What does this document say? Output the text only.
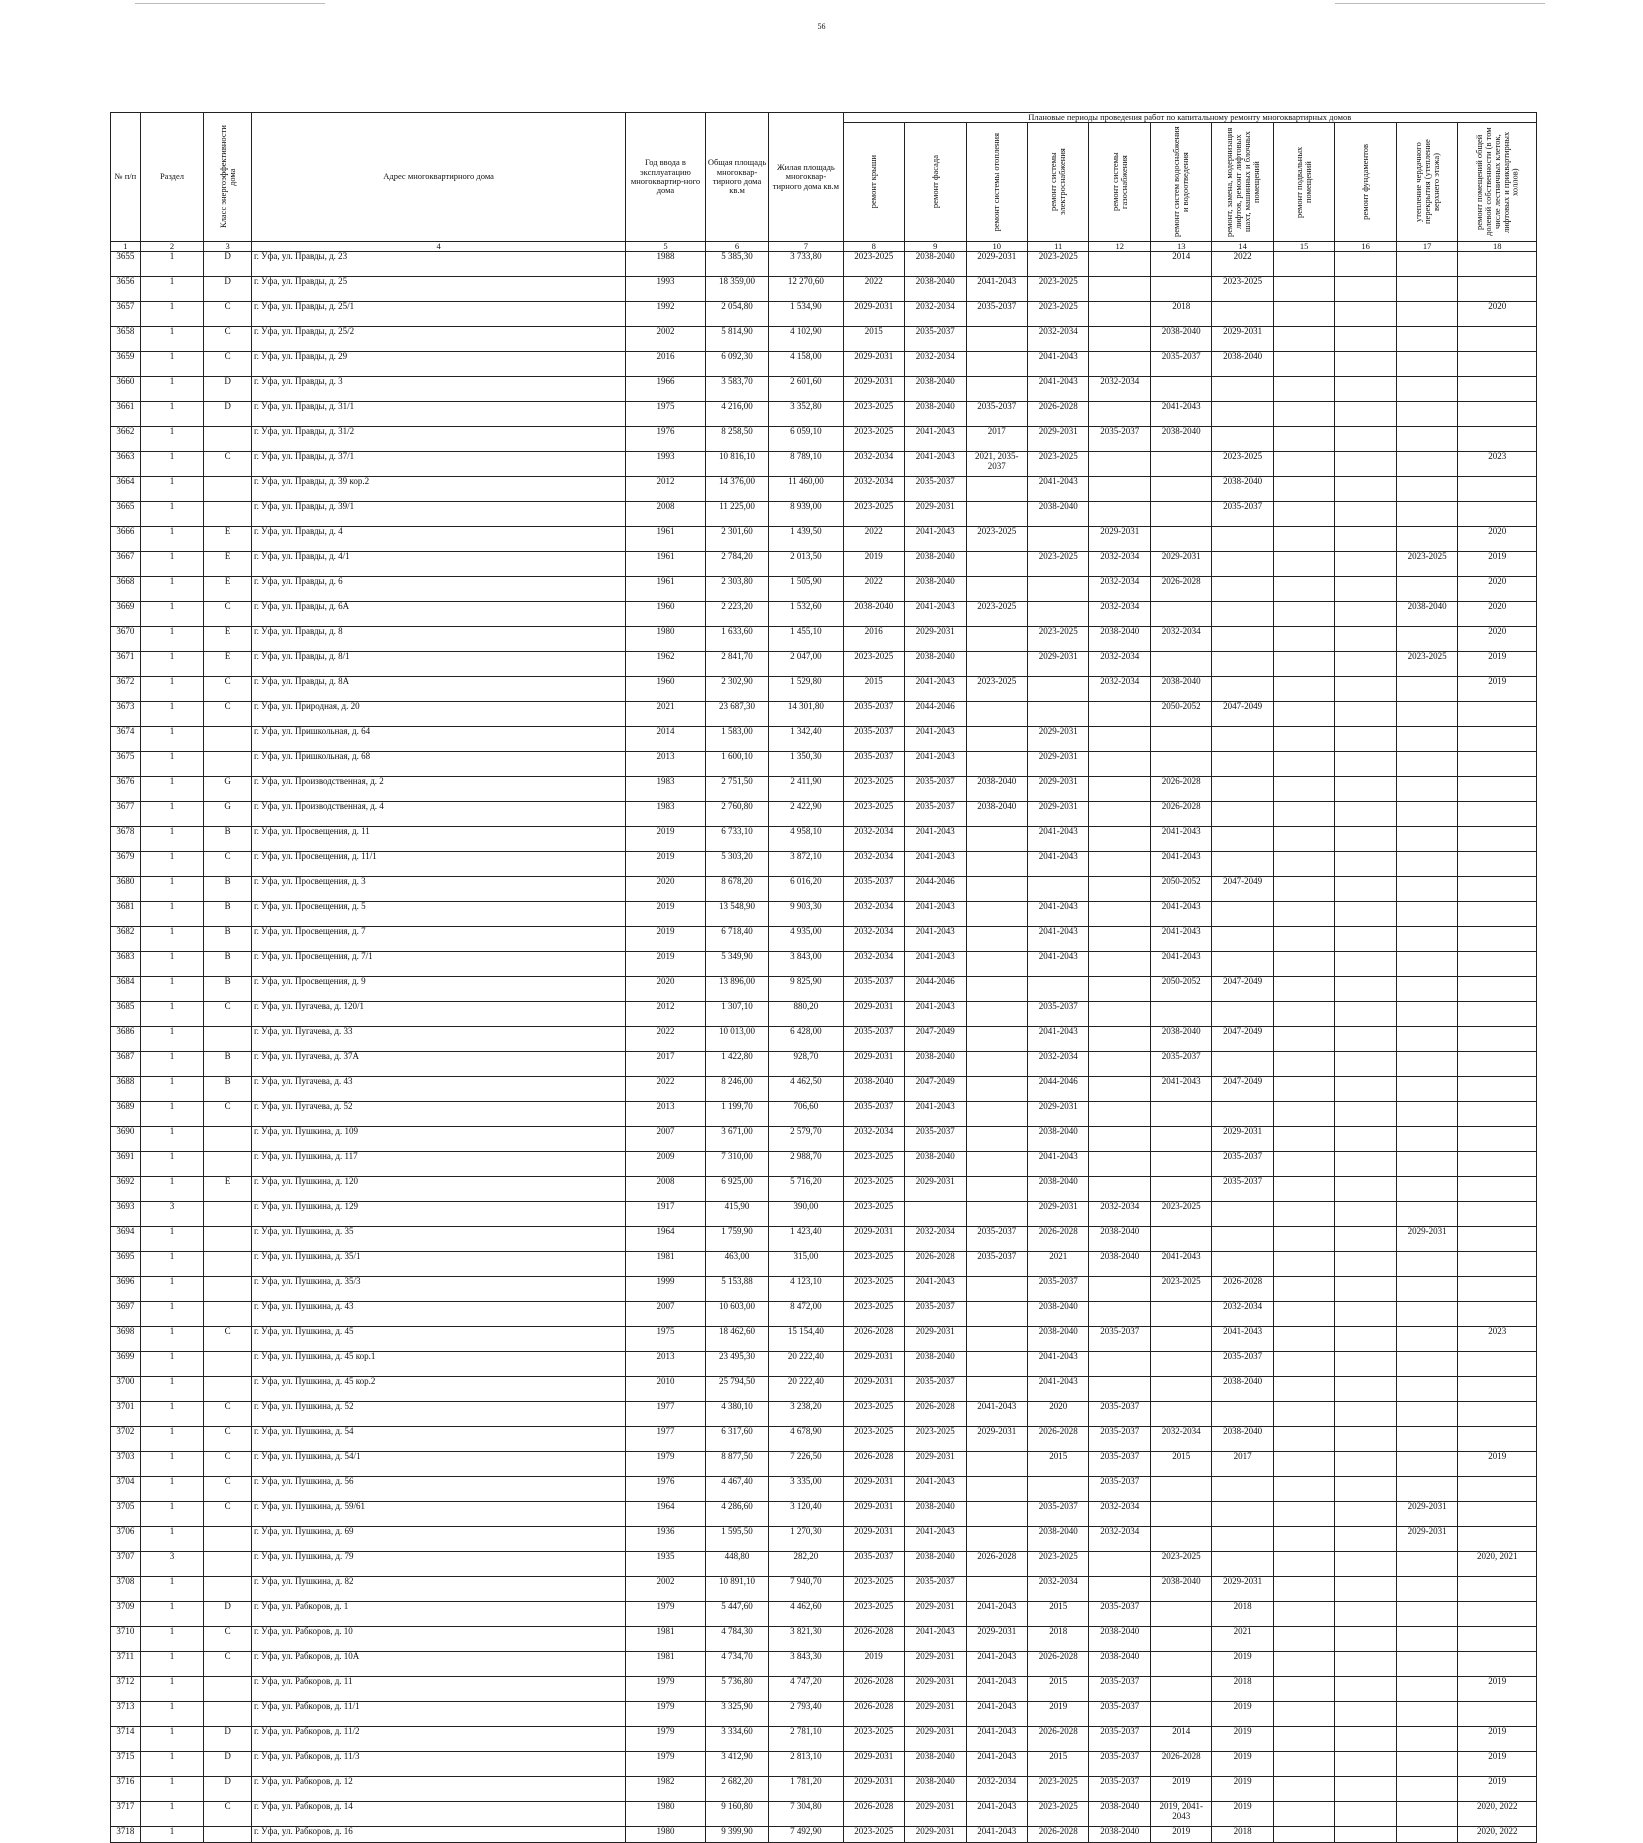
56
№ п/п	Раздел	Класс энергоэффективности дома	Адрес многоквартирного дома	Год ввода в эксплуатацию многоквартир-ного дома	Общая площадь многоквар-тирного дома кв.м	Жилая площадь многоквар-тирного дома кв.м	Плановые периоды проведения работ по капитальному ремонту многоквартирных домов										

							ремонт крыши	ремонт фасада	ремонт системы отопления	ремонт системы электроснабжения	ремонт системы газоснабжения	ремонт систем водоснабжения и водоотведения	ремонт, замена, модернизация лифтов, ремонт лифтовых шахт, машинных и блочных помещений	ремонт подвальных помещений	ремонт фундаментов	утепление чердачного перекрытия (утепление верхнего этажа)	ремонт помещений общей долевой собственности (в том числе лестничных клеток, лифтовых и приквартирных холлов)

1	2	3	4	5	6	7	8	9	10	11	12	13	14	15	16	17	18
3655	1	D	г. Уфа, ул. Правды, д. 23	1988	5 385,30	3 733,80	2023-2025	2038-2040	2029-2031	2023-2025		2014	2022				
3656	1	D	г. Уфа, ул. Правды, д. 25	1993	18 359,00	12 270,60	2022	2038-2040	2041-2043	2023-2025			2023-2025				
3657	1	C	г. Уфа, ул. Правды, д. 25/1	1992	2 054,80	1 534,90	2029-2031	2032-2034	2035-2037	2023-2025		2018					2020
3658	1	C	г. Уфа, ул. Правды, д. 25/2	2002	5 814,90	4 102,90	2015	2035-2037		2032-2034		2038-2040	2029-2031				
3659	1	C	г. Уфа, ул. Правды, д. 29	2016	6 092,30	4 158,00	2029-2031	2032-2034		2041-2043		2035-2037	2038-2040				
3660	1	D	г. Уфа, ул. Правды, д. 3	1966	3 583,70	2 601,60	2029-2031	2038-2040		2041-2043	2032-2034						
3661	1	D	г. Уфа, ул. Правды, д. 31/1	1975	4 216,00	3 352,80	2023-2025	2038-2040	2035-2037	2026-2028		2041-2043					
3662	1		г. Уфа, ул. Правды, д. 31/2	1976	8 258,50	6 059,10	2023-2025	2041-2043	2017	2029-2031	2035-2037	2038-2040					
3663	1	C	г. Уфа, ул. Правды, д. 37/1	1993	10 816,10	8 789,10	2032-2034	2041-2043	2021, 2035-2037	2023-2025			2023-2025				2023
3664	1		г. Уфа, ул. Правды, д. 39 кор.2	2012	14 376,00	11 460,00	2032-2034	2035-2037		2041-2043			2038-2040				
3665	1		г. Уфа, ул. Правды, д. 39/1	2008	11 225,00	8 939,00	2023-2025	2029-2031		2038-2040			2035-2037				
3666	1	E	г. Уфа, ул. Правды, д. 4	1961	2 301,60	1 439,50	2022	2041-2043	2023-2025		2029-2031						2020
3667	1	E	г. Уфа, ул. Правды, д. 4/1	1961	2 784,20	2 013,50	2019	2038-2040		2023-2025	2032-2034	2029-2031				2023-2025	2019
3668	1	E	г. Уфа, ул. Правды, д. 6	1961	2 303,80	1 505,90	2022	2038-2040			2032-2034	2026-2028					2020
3669	1	C	г. Уфа, ул. Правды, д. 6А	1960	2 223,20	1 532,60	2038-2040	2041-2043	2023-2025		2032-2034					2038-2040	2020
3670	1	E	г. Уфа, ул. Правды, д. 8	1980	1 633,60	1 455,10	2016	2029-2031		2023-2025	2038-2040	2032-2034					2020
3671	1	E	г. Уфа, ул. Правды, д. 8/1	1962	2 841,70	2 047,00	2023-2025	2038-2040		2029-2031	2032-2034					2023-2025	2019
3672	1	C	г. Уфа, ул. Правды, д. 8А	1960	2 302,90	1 529,80	2015	2041-2043	2023-2025		2032-2034	2038-2040					2019
3673	1	C	г. Уфа, ул. Природная, д. 20	2021	23 687,30	14 301,80	2035-2037	2044-2046				2050-2052	2047-2049				
3674	1		г. Уфа, ул. Пришкольная, д. 64	2014	1 583,00	1 342,40	2035-2037	2041-2043		2029-2031							
3675	1		г. Уфа, ул. Пришкольная, д. 68	2013	1 600,10	1 350,30	2035-2037	2041-2043		2029-2031							
3676	1	G	г. Уфа, ул. Производственная, д. 2	1983	2 751,50	2 411,90	2023-2025	2035-2037	2038-2040	2029-2031		2026-2028					
3677	1	G	г. Уфа, ул. Производственная, д. 4	1983	2 760,80	2 422,90	2023-2025	2035-2037	2038-2040	2029-2031		2026-2028					
3678	1	B	г. Уфа, ул. Просвещения, д. 11	2019	6 733,10	4 958,10	2032-2034	2041-2043		2041-2043		2041-2043					
3679	1	C	г. Уфа, ул. Просвещения, д. 11/1	2019	5 303,20	3 872,10	2032-2034	2041-2043		2041-2043		2041-2043					
3680	1	B	г. Уфа, ул. Просвещения, д. 3	2020	8 678,20	6 016,20	2035-2037	2044-2046				2050-2052	2047-2049				
3681	1	B	г. Уфа, ул. Просвещения, д. 5	2019	13 548,90	9 903,30	2032-2034	2041-2043		2041-2043		2041-2043					
3682	1	B	г. Уфа, ул. Просвещения, д. 7	2019	6 718,40	4 935,00	2032-2034	2041-2043		2041-2043		2041-2043					
3683	1	B	г. Уфа, ул. Просвещения, д. 7/1	2019	5 349,90	3 843,00	2032-2034	2041-2043		2041-2043		2041-2043					
3684	1	B	г. Уфа, ул. Просвещения, д. 9	2020	13 896,00	9 825,90	2035-2037	2044-2046				2050-2052	2047-2049				
3685	1	C	г. Уфа, ул. Пугачева, д. 120/1	2012	1 307,10	880,20	2029-2031	2041-2043		2035-2037							
3686	1		г. Уфа, ул. Пугачева, д. 33	2022	10 013,00	6 428,00	2035-2037	2047-2049		2041-2043		2038-2040	2047-2049				
3687	1	B	г. Уфа, ул. Пугачева, д. 37А	2017	1 422,80	928,70	2029-2031	2038-2040		2032-2034		2035-2037					
3688	1	B	г. Уфа, ул. Пугачева, д. 43	2022	8 246,00	4 462,50	2038-2040	2047-2049		2044-2046		2041-2043	2047-2049				
3689	1	C	г. Уфа, ул. Пугачева, д. 52	2013	1 199,70	706,60	2035-2037	2041-2043		2029-2031							
3690	1		г. Уфа, ул. Пушкина, д. 109	2007	3 671,00	2 579,70	2032-2034	2035-2037		2038-2040			2029-2031				
3691	1		г. Уфа, ул. Пушкина, д. 117	2009	7 310,00	2 988,70	2023-2025	2038-2040		2041-2043			2035-2037				
3692	1	E	г. Уфа, ул. Пушкина, д. 120	2008	6 925,00	5 716,20	2023-2025	2029-2031		2038-2040			2035-2037				
3693	3		г. Уфа, ул. Пушкина, д. 129	1917	415,90	390,00	2023-2025			2029-2031	2032-2034	2023-2025					
3694	1		г. Уфа, ул. Пушкина, д. 35	1964	1 759,90	1 423,40	2029-2031	2032-2034	2035-2037	2026-2028	2038-2040					2029-2031	
3695	1		г. Уфа, ул. Пушкина, д. 35/1	1981	463,00	315,00	2023-2025	2026-2028	2035-2037	2021	2038-2040	2041-2043					
3696	1		г. Уфа, ул. Пушкина, д. 35/3	1999	5 153,88	4 123,10	2023-2025	2041-2043		2035-2037		2023-2025	2026-2028				
3697	1		г. Уфа, ул. Пушкина, д. 43	2007	10 603,00	8 472,00	2023-2025	2035-2037		2038-2040			2032-2034				
3698	1	C	г. Уфа, ул. Пушкина, д. 45	1975	18 462,60	15 154,40	2026-2028	2029-2031		2038-2040	2035-2037		2041-2043				2023
3699	1		г. Уфа, ул. Пушкина, д. 45 кор.1	2013	23 495,30	20 222,40	2029-2031	2038-2040		2041-2043			2035-2037				
3700	1		г. Уфа, ул. Пушкина, д. 45 кор.2	2010	25 794,50	20 222,40	2029-2031	2035-2037		2041-2043			2038-2040				
3701	1	C	г. Уфа, ул. Пушкина, д. 52	1977	4 380,10	3 238,20	2023-2025	2026-2028	2041-2043	2020	2035-2037						
3702	1	C	г. Уфа, ул. Пушкина, д. 54	1977	6 317,60	4 678,90	2023-2025	2023-2025	2029-2031	2026-2028	2035-2037	2032-2034	2038-2040				
3703	1	C	г. Уфа, ул. Пушкина, д. 54/1	1979	8 877,50	7 226,50	2026-2028	2029-2031		2015	2035-2037	2015	2017				2019
3704	1	C	г. Уфа, ул. Пушкина, д. 56	1976	4 467,40	3 335,00	2029-2031	2041-2043			2035-2037						
3705	1	C	г. Уфа, ул. Пушкина, д. 59/61	1964	4 286,60	3 120,40	2029-2031	2038-2040		2035-2037	2032-2034					2029-2031	
3706	1		г. Уфа, ул. Пушкина, д. 69	1936	1 595,50	1 270,30	2029-2031	2041-2043		2038-2040	2032-2034					2029-2031	
3707	3		г. Уфа, ул. Пушкина, д. 79	1935	448,80	282,20	2035-2037	2038-2040	2026-2028	2023-2025		2023-2025					2020, 2021
3708	1		г. Уфа, ул. Пушкина, д. 82	2002	10 891,10	7 940,70	2023-2025	2035-2037		2032-2034		2038-2040	2029-2031				
3709	1	D	г. Уфа, ул. Рабкоров, д. 1	1979	5 447,60	4 462,60	2023-2025	2029-2031	2041-2043	2015	2035-2037		2018				
3710	1	C	г. Уфа, ул. Рабкоров, д. 10	1981	4 784,30	3 821,30	2026-2028	2041-2043	2029-2031	2018	2038-2040		2021				
3711	1	C	г. Уфа, ул. Рабкоров, д. 10А	1981	4 734,70	3 843,30	2019	2029-2031	2041-2043	2026-2028	2038-2040		2019				
3712	1		г. Уфа, ул. Рабкоров, д. 11	1979	5 736,80	4 747,20	2026-2028	2029-2031	2041-2043	2015	2035-2037		2018				2019
3713	1		г. Уфа, ул. Рабкоров, д. 11/1	1979	3 325,90	2 793,40	2026-2028	2029-2031	2041-2043	2019	2035-2037		2019				
3714	1	D	г. Уфа, ул. Рабкоров, д. 11/2	1979	3 334,60	2 781,10	2023-2025	2029-2031	2041-2043	2026-2028	2035-2037	2014	2019				2019
3715	1	D	г. Уфа, ул. Рабкоров, д. 11/3	1979	3 412,90	2 813,10	2029-2031	2038-2040	2041-2043	2015	2035-2037	2026-2028	2019				2019
3716	1	D	г. Уфа, ул. Рабкоров, д. 12	1982	2 682,20	1 781,20	2029-2031	2038-2040	2032-2034	2023-2025	2035-2037	2019	2019				2019
3717	1	C	г. Уфа, ул. Рабкоров, д. 14	1980	9 160,80	7 304,80	2026-2028	2029-2031	2041-2043	2023-2025	2038-2040	2019, 2041-2043	2019				2020, 2022
3718	1		г. Уфа, ул. Рабкоров, д. 16	1980	9 399,90	7 492,90	2023-2025	2029-2031	2041-2043	2026-2028	2038-2040	2019	2018				2020, 2022
